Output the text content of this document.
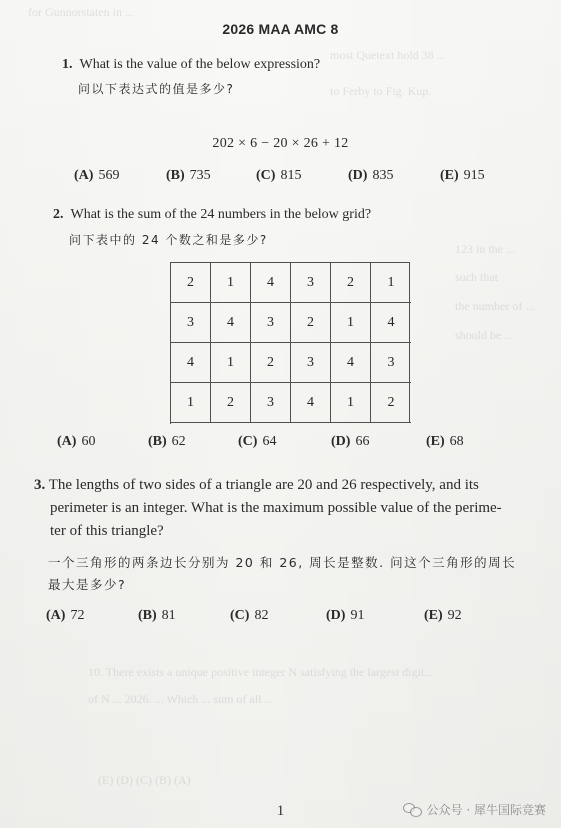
for Gunnorstaten in ...
most Quetext hold 38 ...
to Ferby to Fig. Kup.
123 in the ...
such that
the number of ...
should be ...
10. There exists a unique positive integer N satisfying the largest digit...
of N ... 2026. ... Which ... sum of all ...
(E) (D) (C) (B) (A)
2026 MAA AMC 8
1. What is the value of the below expression?
问以下表达式的值是多少?
202 × 6 − 20 × 26 + 12
(A) 569	(B) 735	(C) 815	(D) 835	(E) 915
2. What is the sum of the 24 numbers in the below grid?
问下表中的 24 个数之和是多少?
2	1	4	3	2	1
3	4	3	2	1	4
4	1	2	3	4	3
1	2	3	4	1	2
(A) 60	(B) 62	(C) 64	(D) 66	(E) 68
3. The lengths of two sides of a triangle are 20 and 26 respectively, and its
perimeter is an integer. What is the maximum possible value of the perime-
ter of this triangle?
一个三角形的两条边长分别为 20 和 26, 周长是整数. 问这个三角形的周长
最大是多少?
(A) 72	(B) 81	(C) 82	(D) 91	(E) 92
1	公众号 · 犀牛国际竞赛
